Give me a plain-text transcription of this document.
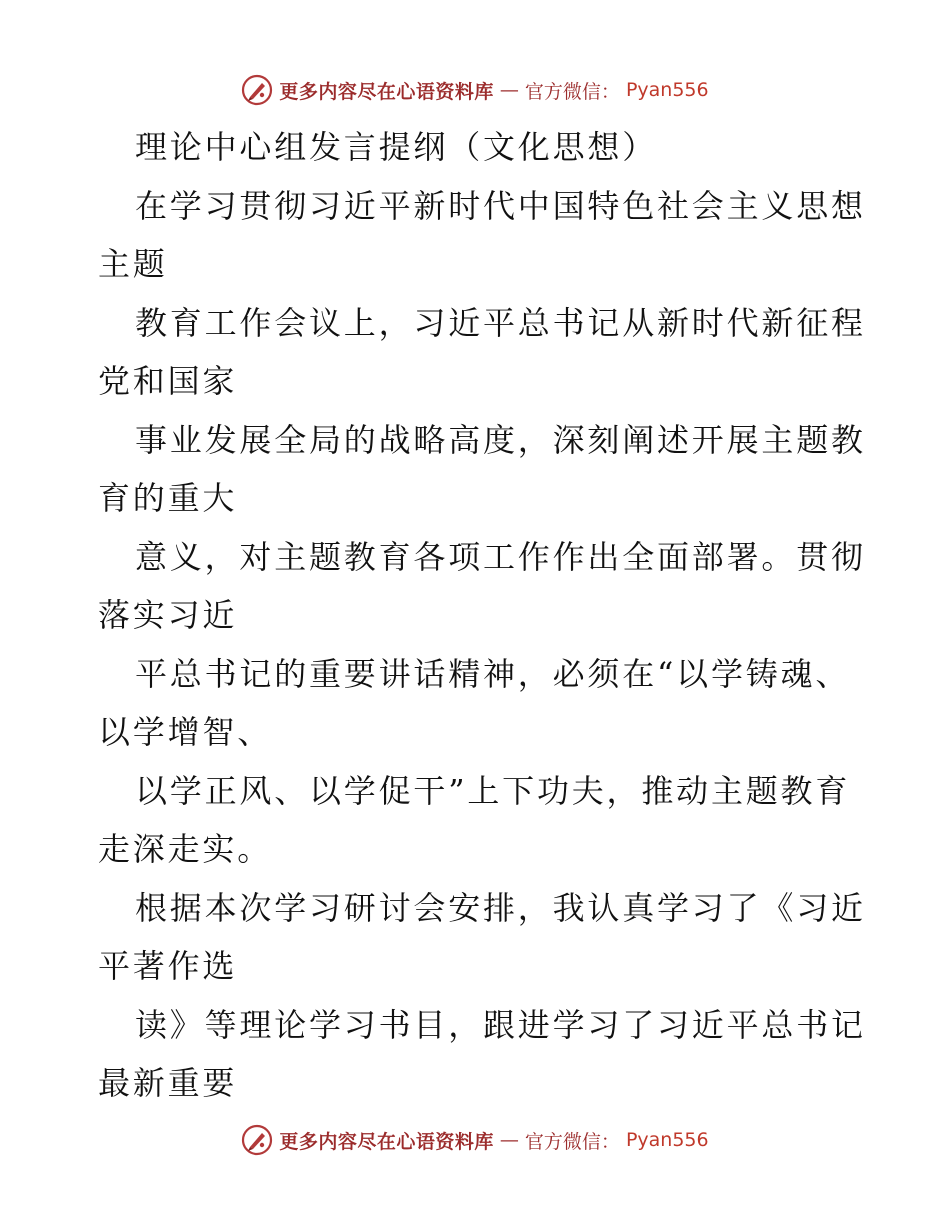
更多内容尽在心语资料库 — 官方微信： Pyan556
理论中心组发言提纲（文化思想）
在学习贯彻习近平新时代中国特色社会主义思想
主题
教育工作会议上，习近平总书记从新时代新征程
党和国家
事业发展全局的战略高度，深刻阐述开展主题教
育的重大
意义，对主题教育各项工作作出全面部署。贯彻
落实习近
平总书记的重要讲话精神，必须在“以学铸魂、
以学增智、
以学正风、以学促干”上下功夫，推动主题教育
走深走实。
根据本次学习研讨会安排，我认真学习了《习近
平著作选
读》等理论学习书目，跟进学习了习近平总书记
最新重要
更多内容尽在心语资料库 — 官方微信： Pyan556
